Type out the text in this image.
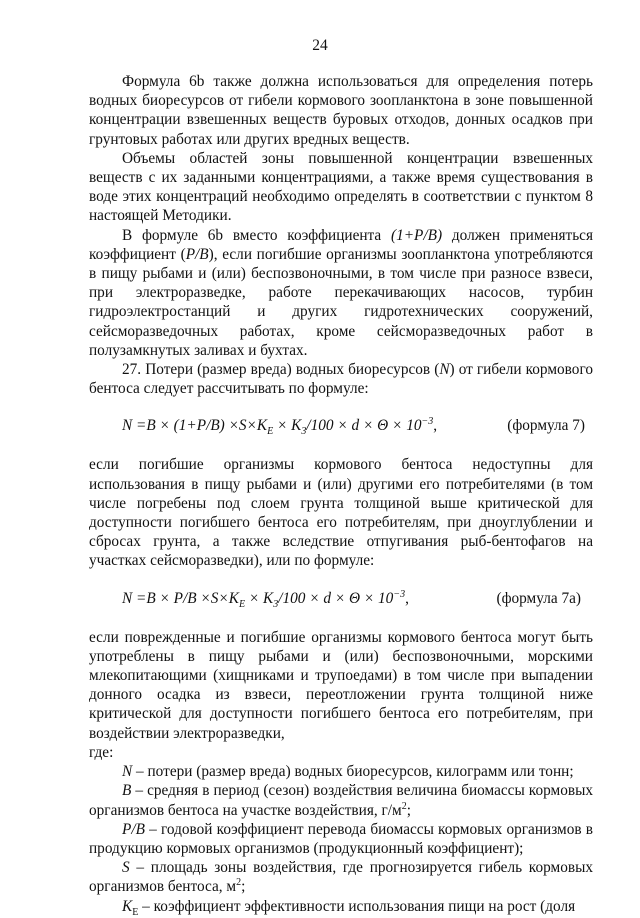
24

Формула 6b также должна использоваться для определения потерь водных биоресурсов от гибели кормового зоопланктона в зоне повышенной концентрации взвешенных веществ буровых отходов, донных осадков при грунтовых работах или других вредных веществ.

Объемы областей зоны повышенной концентрации взвешенных веществ с их заданными концентрациями, а также время существования в воде этих концентраций необходимо определять в соответствии с пунктом 8 настоящей Методики.

В формуле 6b вместо коэффициента (1+P/B) должен применяться коэффициент (P/B), если погибшие организмы зоопланктона употребляются в пищу рыбами и (или) беспозвоночными, в том числе при разносе взвеси, при электроразведке, работе перекачивающих насосов, турбин гидроэлектростанций и других гидротехнических сооружений, сейсморазведочных работах, кроме сейсморазведочных работ в полузамкнутых заливах и бухтах.

27. Потери (размер вреда) водных биоресурсов (N) от гибели кормового бентоса следует рассчитывать по формуле:

$N =B \times (1+P/B) \times S\times K_E \times K_3/100 \times d \times \Theta \times 10^{-3}$,	(формула 7)

если погибшие организмы кормового бентоса недоступны для использования в пищу рыбами и (или) другими его потребителями (в том числе погребены под слоем грунта толщиной выше критической для доступности погибшего бентоса его потребителям, при дноуглублении и сбросах грунта, а также вследствие отпугивания рыб-бентофагов на участках сейсморазведки), или по формуле:

$N =B \times P/B \times S\times K_E \times K_3/100 \times d \times \Theta \times 10^{-3}$,	(формула 7а)

если поврежденные и погибшие организмы кормового бентоса могут быть употреблены в пищу рыбами и (или) беспозвоночными, морскими млекопитающими (хищниками и трупоедами) в том числе при выпадении донного осадка из взвеси, переотложении грунта толщиной ниже критической для доступности погибшего бентоса его потребителям, при воздействии электроразведки,

где:

N – потери (размер вреда) водных биоресурсов, килограмм или тонн;

B – средняя в период (сезон) воздействия величина биомассы кормовых организмов бентоса на участке воздействия, $г/м^2$;

P/B – годовой коэффициент перевода биомассы кормовых организмов в продукцию кормовых организмов (продукционный коэффициент);

S – площадь зоны воздействия, где прогнозируется гибель кормовых организмов бентоса, $м^2$;

$K_E$ – коэффициент эффективности использования пищи на рост (доля
